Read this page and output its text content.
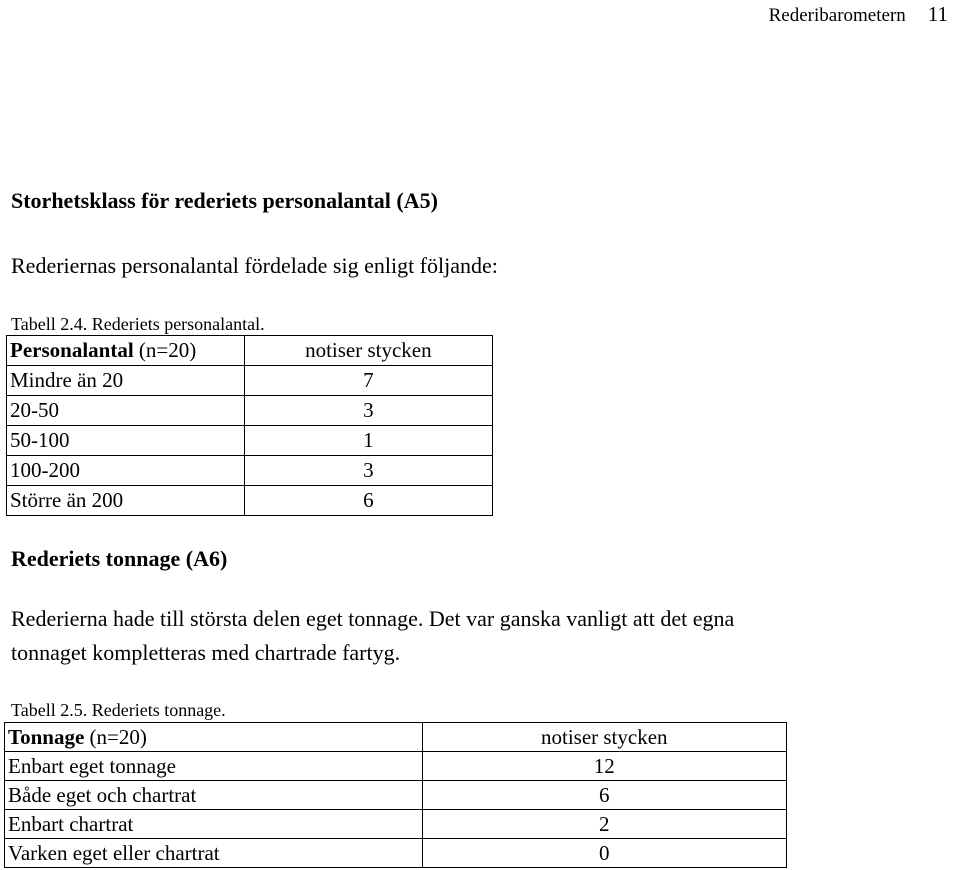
Rederibarometern 11
Storhetsklass för rederiets personalantal (A5)

Rederiernas personalantal fördelade sig enligt följande:

Tabell 2.4. Rederiets personalantal.

Personalantal (n=20)	notiser stycken
Mindre än 20	7
20-50	3
50-100	1
100-200	3
Större än 200	6
Rederiets tonnage (A6)

Rederierna hade till största delen eget tonnage. Det var ganska vanligt att det egna

tonnaget kompletteras med chartrade fartyg.

Tabell 2.5. Rederiets tonnage.

Tonnage (n=20)	notiser stycken
Enbart eget tonnage	12
Både eget och chartrat	6
Enbart chartrat	2
Varken eget eller chartrat	0
